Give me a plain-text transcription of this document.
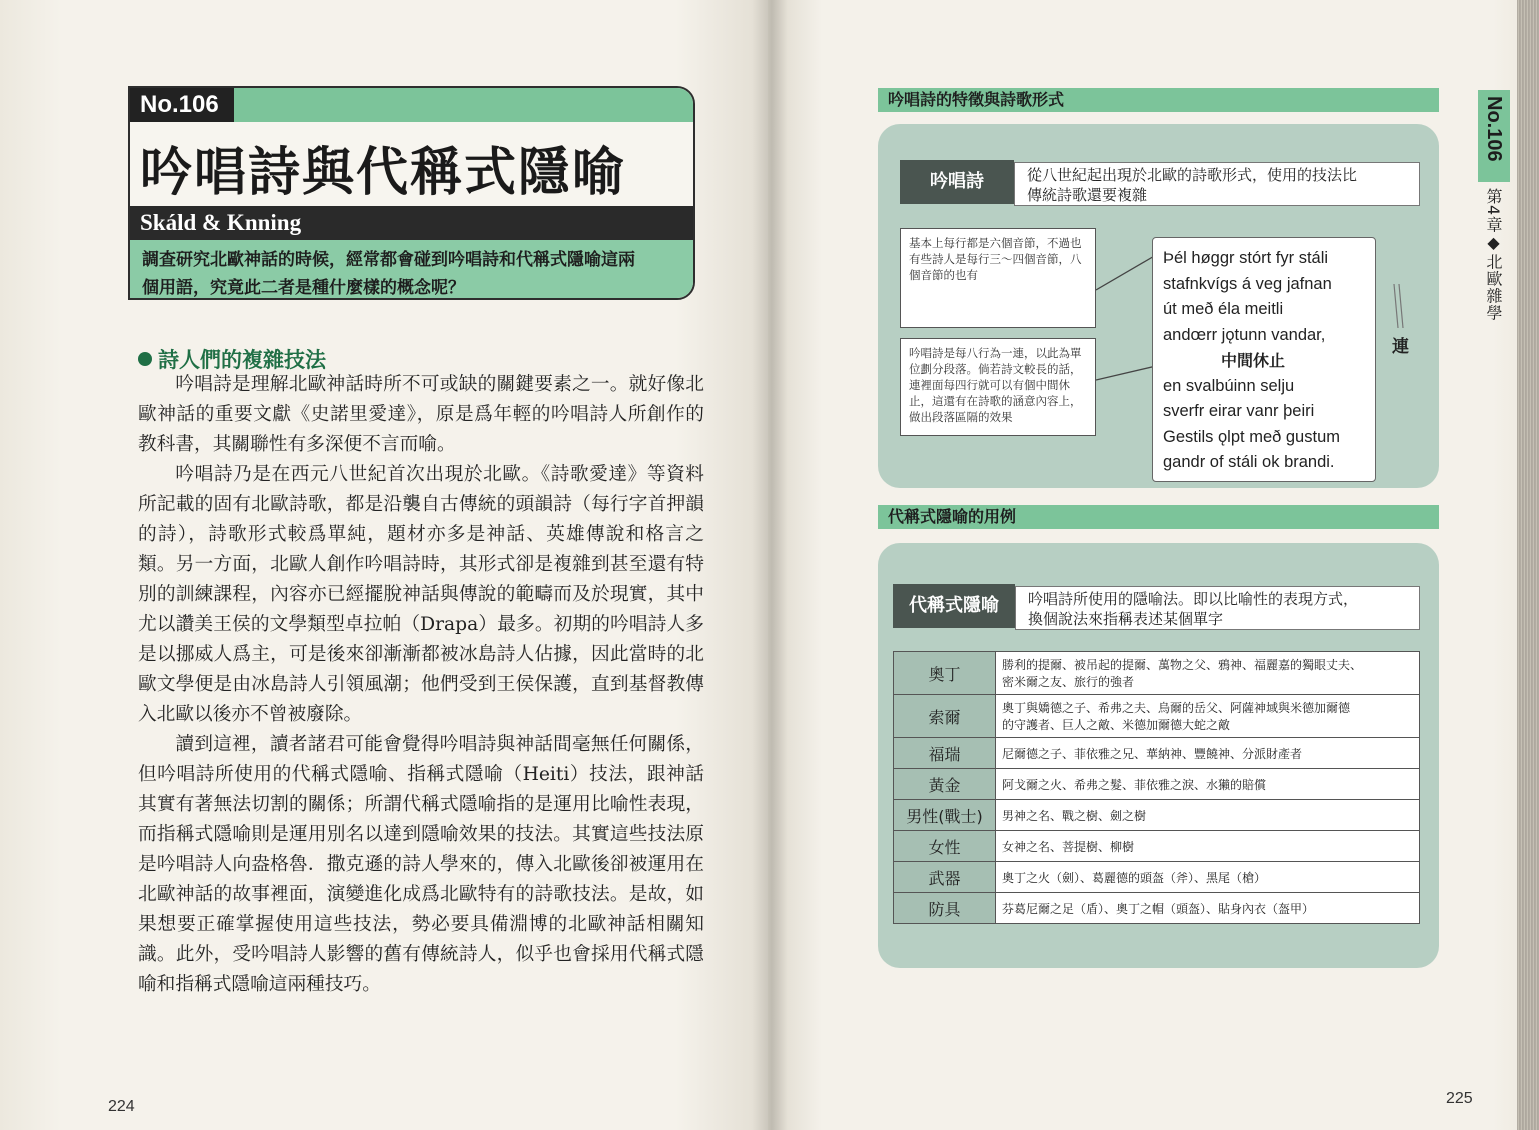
No.106
吟唱詩與代稱式隱喻
Skáld & Knning
調查研究北歐神話的時候，經常都會碰到吟唱詩和代稱式隱喻這兩
個用語，究竟此二者是種什麼樣的概念呢？
詩人們的複雜技法

吟唱詩是理解北歐神話時所不可或缺的關鍵要素之一。就好像北歐神話的重要文獻《史諾里愛達》，原是爲年輕的吟唱詩人所創作的教科書，其關聯性有多深便不言而喻。

吟唱詩乃是在西元八世紀首次出現於北歐。《詩歌愛達》等資料所記載的固有北歐詩歌，都是沿襲自古傳統的頭韻詩（每行字首押韻的詩），詩歌形式較爲單純，題材亦多是神話、英雄傳說和格言之類。另一方面，北歐人創作吟唱詩時，其形式卻是複雜到甚至還有特別的訓練課程，內容亦已經擺脫神話與傳說的範疇而及於現實，其中尤以讚美王侯的文學類型卓拉帕（Drapa）最多。初期的吟唱詩人多是以挪威人爲主，可是後來卻漸漸都被冰島詩人佔據，因此當時的北歐文學便是由冰島詩人引領風潮；他們受到王侯保護，直到基督教傳入北歐以後亦不曾被廢除。

讀到這裡，讀者諸君可能會覺得吟唱詩與神話間毫無任何關係，但吟唱詩所使用的代稱式隱喻、指稱式隱喻（Heiti）技法，跟神話其實有著無法切割的關係；所謂代稱式隱喻指的是運用比喻性表現，而指稱式隱喻則是運用別名以達到隱喻效果的技法。其實這些技法原是吟唱詩人向盎格魯．撒克遜的詩人學來的，傳入北歐後卻被運用在北歐神話的故事裡面，演變進化成爲北歐特有的詩歌技法。是故，如果想要正確掌握使用這些技法，勢必要具備淵博的北歐神話相關知識。此外，受吟唱詩人影響的舊有傳統詩人，似乎也會採用代稱式隱喻和指稱式隱喻這兩種技巧。

224
吟唱詩的特徵與詩歌形式
吟唱詩	從八世紀起出現於北歐的詩歌形式，使用的技法比
傳統詩歌還要複雜
基本上每行都是六個音節，不過也有些詩人是每行三～四個音節，八個音節的也有
吟唱詩是每八行為一連，以此為單位劃分段落。倘若詩文較長的話，連裡面每四行就可以有個中間休止，這還有在詩歌的涵意內容上，做出段落區隔的效果
Þél høggr stórt fyr stáli
stafnkvígs á veg jafnan
út með éla meitli
andœrr jǫtunn vandar,
中間休止
en svalbúinn selju
sverfr eirar vanr þeiri
Gestils ǫlpt með gustum
gandr of stáli ok brandi.
連
代稱式隱喻的用例
代稱式隱喻	吟唱詩所使用的隱喻法。即以比喻性的表現方式，
換個說法來指稱表述某個單字
奧丁	勝利的提爾、被吊起的提爾、萬物之父、鴉神、福麗嘉的獨眼丈夫、
密米爾之友、旅行的強者

索爾	奧丁與嬌德之子、希弗之夫、烏爾的岳父、阿薩神域與米德加爾德
的守護者、巨人之敵、米德加爾德大蛇之敵

福瑞	尼爾德之子、菲依雅之兄、華納神、豐饒神、分派財產者
黃金	阿戈爾之火、希弗之髮、菲依雅之淚、水獺的賠償
男性(戰士)	男神之名、戰之樹、劍之樹
女性	女神之名、菩提樹、柳樹
武器	奧丁之火（劍）、葛麗德的頭盔（斧）、黑尾（槍）
防具	芬葛尼爾之足（盾）、奧丁之帽（頭盔）、貼身內衣（盔甲）
No.106
第4章◆北歐雜學
225
